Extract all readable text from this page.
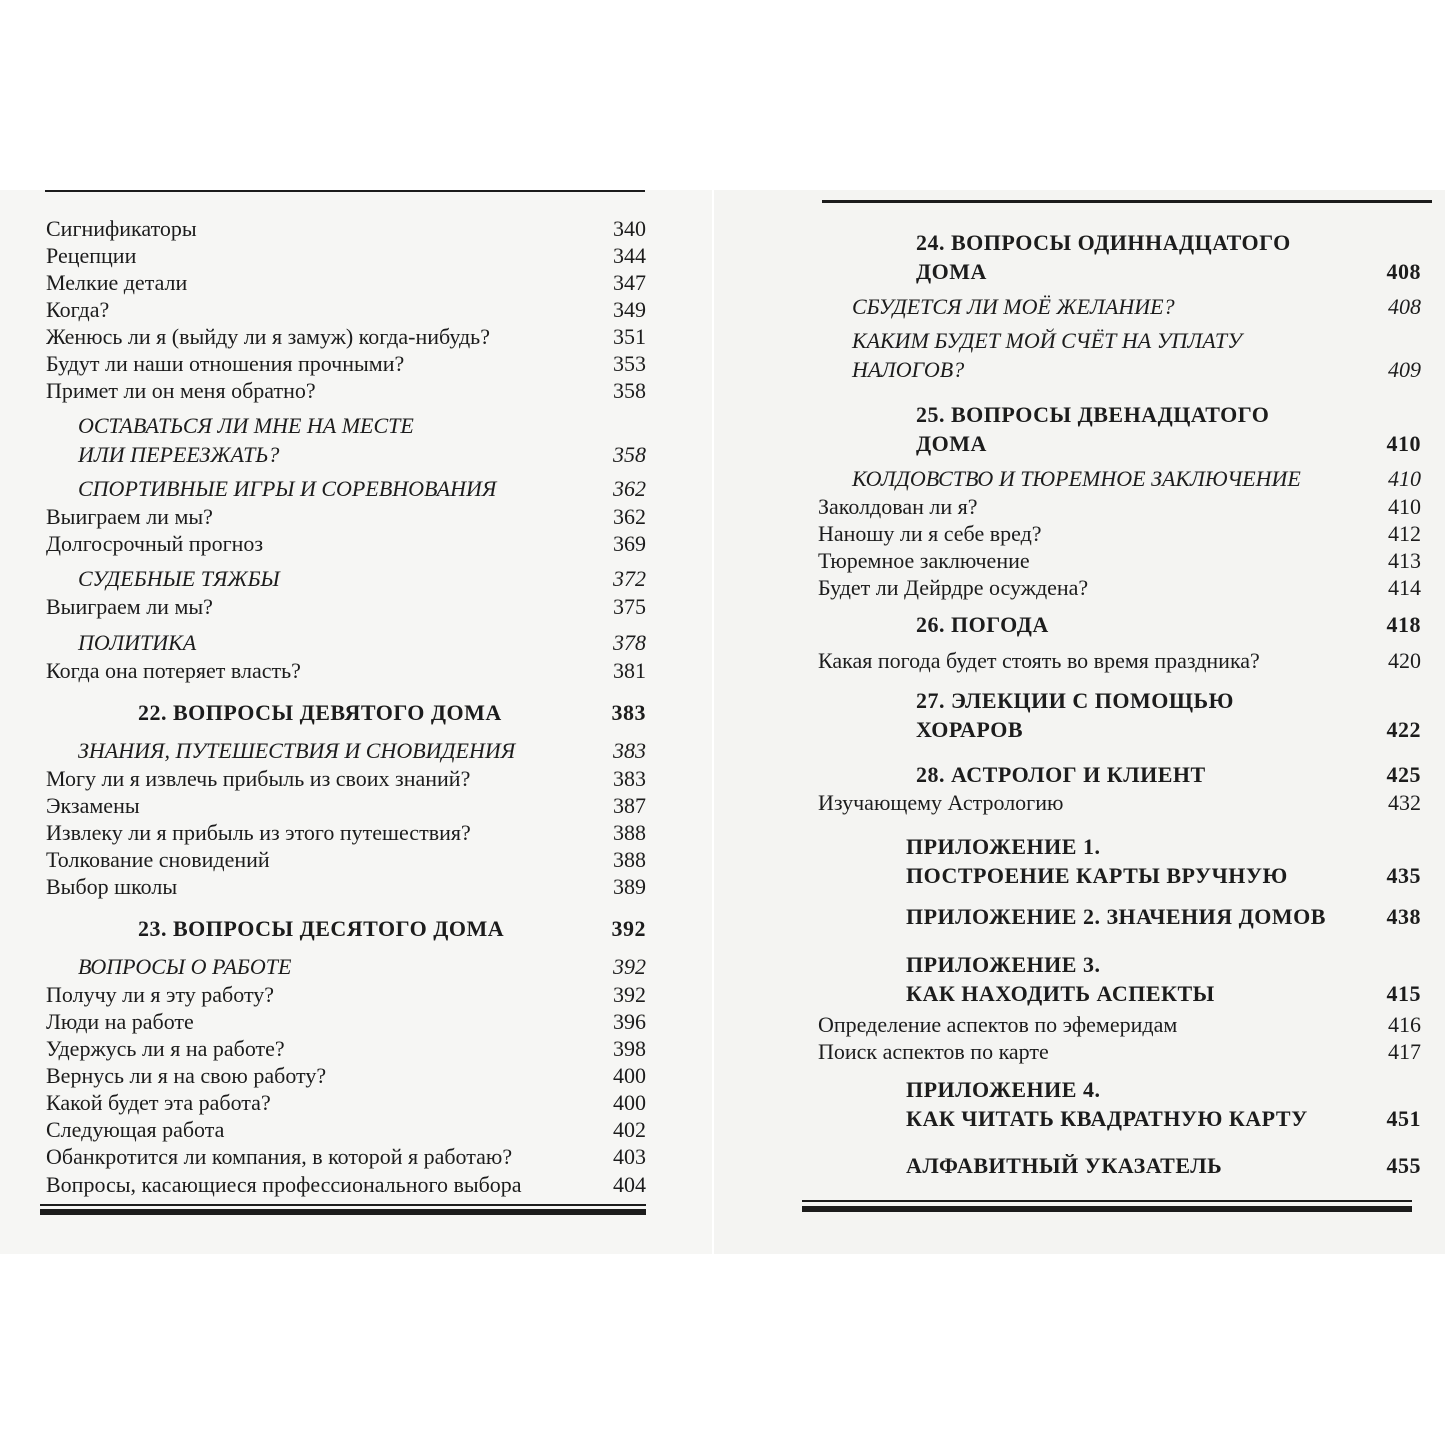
Сигнификаторы	340
Рецепции	344
Мелкие детали	347
Когда?	349
Женюсь ли я (выйду ли я замуж) когда-нибудь?	351
Будут ли наши отношения прочными?	353
Примет ли он меня обратно?	358
ОСТАВАТЬСЯ ЛИ МНЕ НА МЕСТЕ
ИЛИ ПЕРЕЕЗЖАТЬ?	358
СПОРТИВНЫЕ ИГРЫ И СОРЕВНОВАНИЯ	362
Выиграем ли мы?	362
Долгосрочный прогноз	369
СУДЕБНЫЕ ТЯЖБЫ	372
Выиграем ли мы?	375
ПОЛИТИКА	378
Когда она потеряет власть?	381
22. ВОПРОСЫ ДЕВЯТОГО ДОМА	383
ЗНАНИЯ, ПУТЕШЕСТВИЯ И СНОВИДЕНИЯ	383
Могу ли я извлечь прибыль из своих знаний?	383
Экзамены	387
Извлеку ли я прибыль из этого путешествия?	388
Толкование сновидений	388
Выбор школы	389
23. ВОПРОСЫ ДЕСЯТОГО ДОМА	392
ВОПРОСЫ О РАБОТЕ	392
Получу ли я эту работу?	392
Люди на работе	396
Удержусь ли я на работе?	398
Вернусь ли я на свою работу?	400
Какой будет эта работа?	400
Следующая работа	402
Обанкротится ли компания, в которой я работаю?	403
Вопросы, касающиеся профессионального выбора	404
24. ВОПРОСЫ ОДИННАДЦАТОГО
ДОМА	408
СБУДЕТСЯ ЛИ МОЁ ЖЕЛАНИЕ?	408
КАКИМ БУДЕТ МОЙ СЧЁТ НА УПЛАТУ
НАЛОГОВ?	409
25. ВОПРОСЫ ДВЕНАДЦАТОГО
ДОМА	410
КОЛДОВСТВО И ТЮРЕМНОЕ ЗАКЛЮЧЕНИЕ	410
Заколдован ли я?	410
Наношу ли я себе вред?	412
Тюремное заключение	413
Будет ли Дейрдре осуждена?	414
26. ПОГОДА	418
Какая погода будет стоять во время праздника?	420
27. ЭЛЕКЦИИ С ПОМОЩЬЮ
ХОРАРОВ	422
28. АСТРОЛОГ И КЛИЕНТ	425
Изучающему Астрологию	432
ПРИЛОЖЕНИЕ 1.
ПОСТРОЕНИЕ КАРТЫ ВРУЧНУЮ	435
ПРИЛОЖЕНИЕ 2. ЗНАЧЕНИЯ ДОМОВ	438
ПРИЛОЖЕНИЕ 3.
КАК НАХОДИТЬ АСПЕКТЫ	415
Определение аспектов по эфемеридам	416
Поиск аспектов по карте	417
ПРИЛОЖЕНИЕ 4.
КАК ЧИТАТЬ КВАДРАТНУЮ КАРТУ	451
АЛФАВИТНЫЙ УКАЗАТЕЛЬ	455
